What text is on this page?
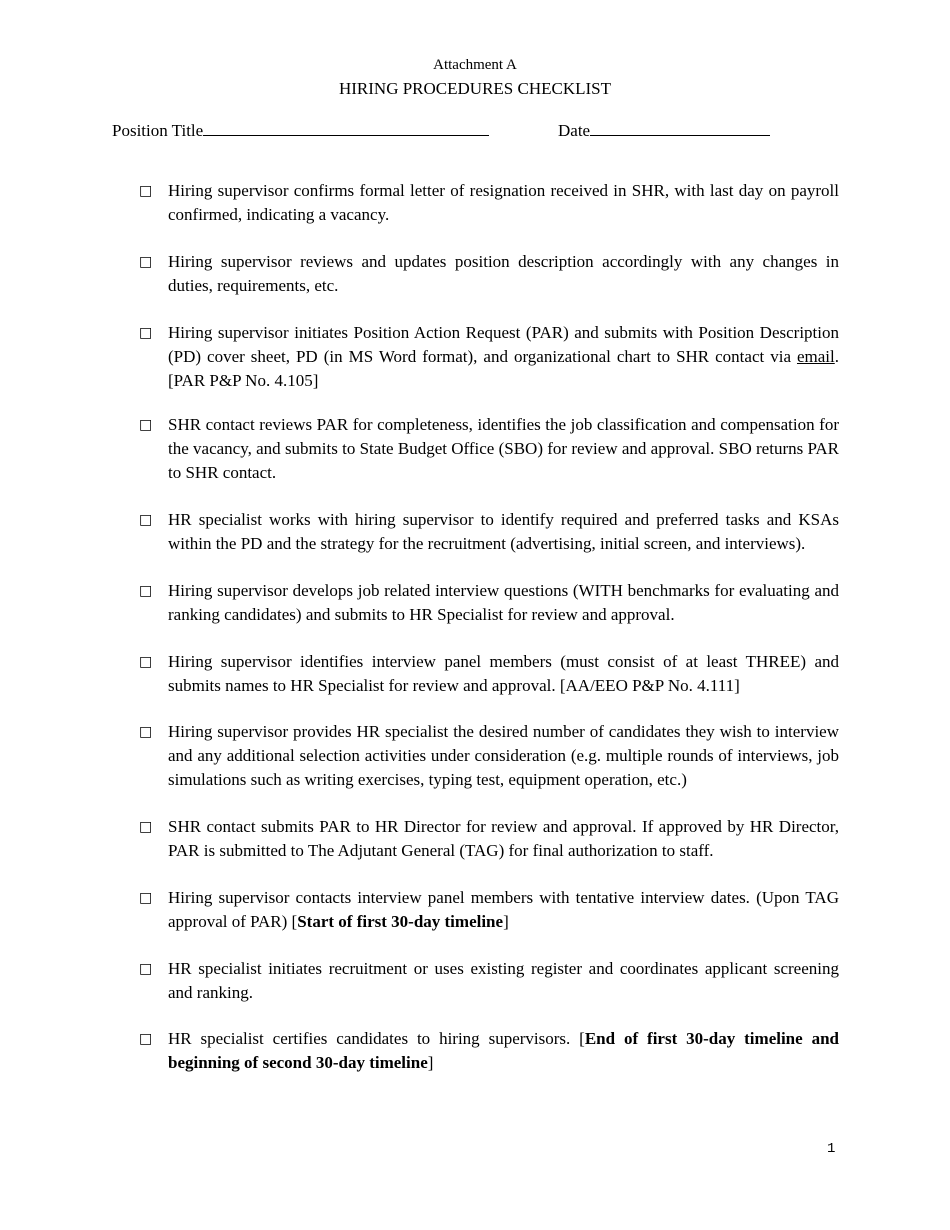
Attachment A
HIRING PROCEDURES CHECKLIST
Position Title	Date
□ Hiring supervisor confirms formal letter of resignation received in SHR, with last day on payroll confirmed, indicating a vacancy.
□ Hiring supervisor reviews and updates position description accordingly with any changes in duties, requirements, etc.
□ Hiring supervisor initiates Position Action Request (PAR) and submits with Position Description (PD) cover sheet, PD (in MS Word format), and organizational chart to SHR contact via email. [PAR P&P No. 4.105]
□ SHR contact reviews PAR for completeness, identifies the job classification and compensation for the vacancy, and submits to State Budget Office (SBO) for review and approval. SBO returns PAR to SHR contact.
□ HR specialist works with hiring supervisor to identify required and preferred tasks and KSAs within the PD and the strategy for the recruitment (advertising, initial screen, and interviews).
□ Hiring supervisor develops job related interview questions (WITH benchmarks for evaluating and ranking candidates) and submits to HR Specialist for review and approval.
□ Hiring supervisor identifies interview panel members (must consist of at least THREE) and submits names to HR Specialist for review and approval. [AA/EEO P&P No. 4.111]
□ Hiring supervisor provides HR specialist the desired number of candidates they wish to interview and any additional selection activities under consideration (e.g. multiple rounds of interviews, job simulations such as writing exercises, typing test, equipment operation, etc.)
□ SHR contact submits PAR to HR Director for review and approval. If approved by HR Director, PAR is submitted to The Adjutant General (TAG) for final authorization to staff.
□ Hiring supervisor contacts interview panel members with tentative interview dates. (Upon TAG approval of PAR) [Start of first 30-day timeline]
□ HR specialist initiates recruitment or uses existing register and coordinates applicant screening and ranking.
□ HR specialist certifies candidates to hiring supervisors. [End of first 30-day timeline and beginning of second 30-day timeline]
1
